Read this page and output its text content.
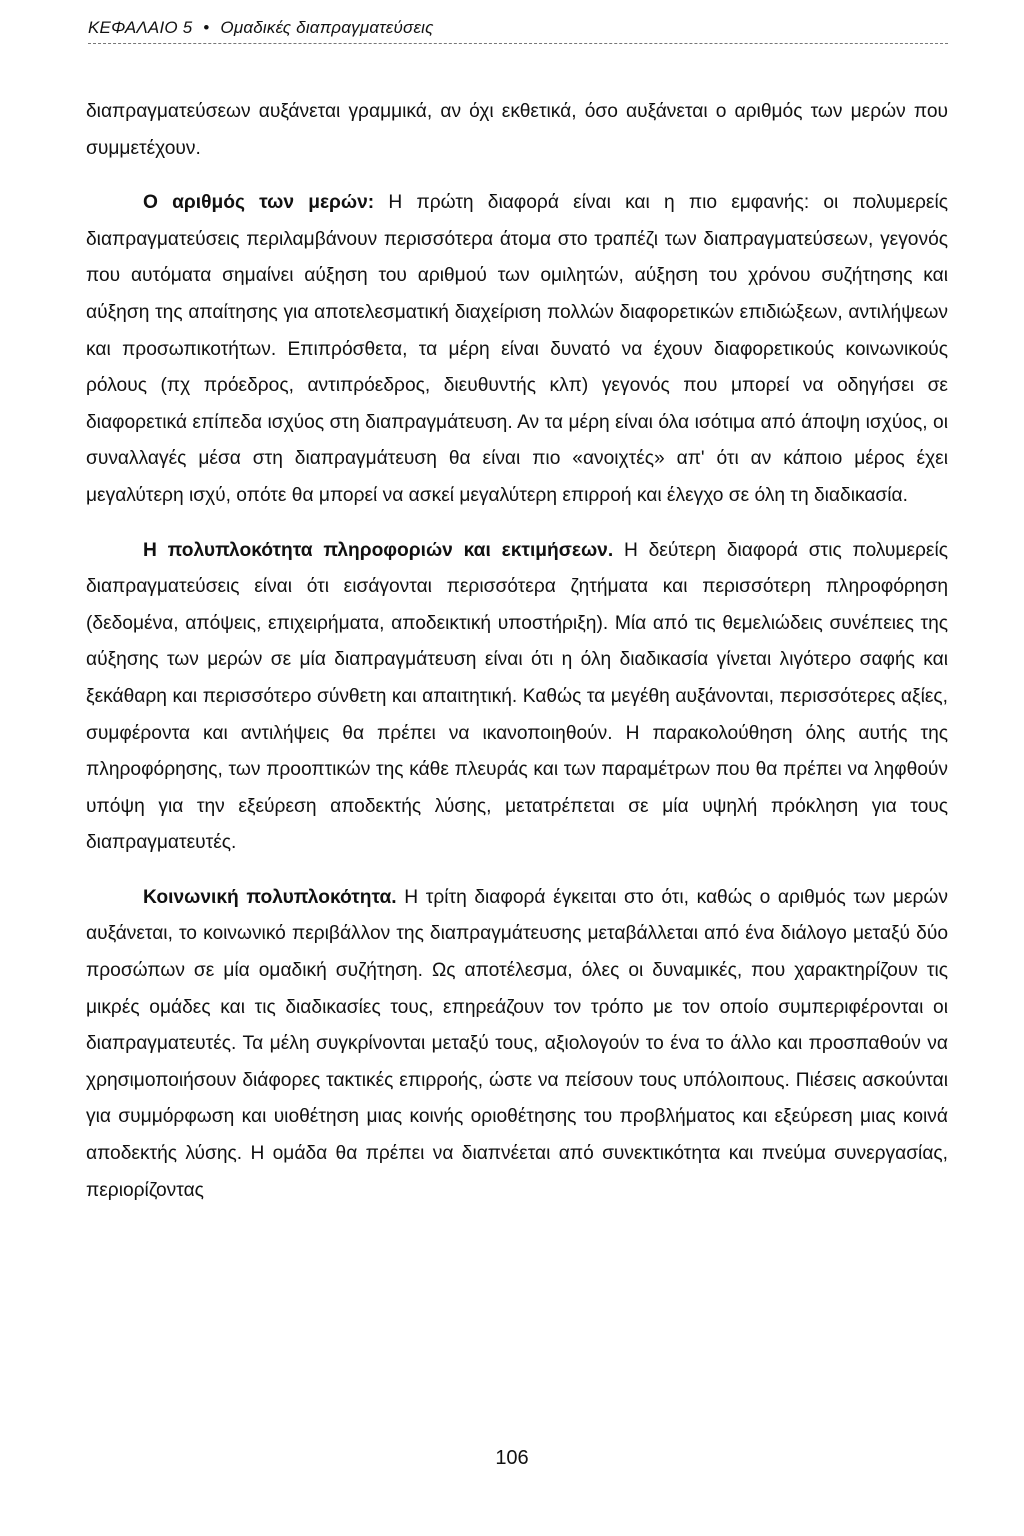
ΚΕΦΑΛΑΙΟ 5 • Ομαδικές διαπραγματεύσεις

διαπραγματεύσεων αυξάνεται γραμμικά, αν όχι εκθετικά, όσο αυξάνεται ο αριθμός των μερών που συμμετέχουν.

Ο αριθμός των μερών: Η πρώτη διαφορά είναι και η πιο εμφανής: οι πολυμερείς διαπραγματεύσεις περιλαμβάνουν περισσότερα άτομα στο τραπέζι των διαπραγματεύσεων, γεγονός που αυτόματα σημαίνει αύξηση του αριθμού των ομιλητών, αύξηση του χρόνου συζήτησης και αύξηση της απαίτησης για αποτελεσματική διαχείριση πολλών διαφορετικών επιδιώξεων, αντιλήψεων και προσωπικοτήτων. Επιπρόσθετα, τα μέρη είναι δυνατό να έχουν διαφορετικούς κοινωνικούς ρόλους (πχ πρόεδρος, αντιπρόεδρος, διευθυντής κλπ) γεγονός που μπορεί να οδηγήσει σε διαφορετικά επίπεδα ισχύος στη διαπραγμάτευση. Αν τα μέρη είναι όλα ισότιμα από άποψη ισχύος, οι συναλλαγές μέσα στη διαπραγμάτευση θα είναι πιο «ανοιχτές» απ' ότι αν κάποιο μέρος έχει μεγαλύτερη ισχύ, οπότε θα μπορεί να ασκεί μεγαλύτερη επιρροή και έλεγχο σε όλη τη διαδικασία.

Η πολυπλοκότητα πληροφοριών και εκτιμήσεων. Η δεύτερη διαφορά στις πολυμερείς διαπραγματεύσεις είναι ότι εισάγονται περισσότερα ζητήματα και περισσότερη πληροφόρηση (δεδομένα, απόψεις, επιχειρήματα, αποδεικτική υποστήριξη). Μία από τις θεμελιώδεις συνέπειες της αύξησης των μερών σε μία διαπραγμάτευση είναι ότι η όλη διαδικασία γίνεται λιγότερο σαφής και ξεκάθαρη και περισσότερο σύνθετη και απαιτητική. Καθώς τα μεγέθη αυξάνονται, περισσότερες αξίες, συμφέροντα και αντιλήψεις θα πρέπει να ικανοποιηθούν. Η παρακολούθηση όλης αυτής της πληροφόρησης, των προοπτικών της κάθε πλευράς και των παραμέτρων που θα πρέπει να ληφθούν υπόψη για την εξεύρεση αποδεκτής λύσης, μετατρέπεται σε μία υψηλή πρόκληση για τους διαπραγματευτές.

Κοινωνική πολυπλοκότητα. Η τρίτη διαφορά έγκειται στο ότι, καθώς ο αριθμός των μερών αυξάνεται, το κοινωνικό περιβάλλον της διαπραγμάτευσης μεταβάλλεται από ένα διάλογο μεταξύ δύο προσώπων σε μία ομαδική συζήτηση. Ως αποτέλεσμα, όλες οι δυναμικές, που χαρακτηρίζουν τις μικρές ομάδες και τις διαδικασίες τους, επηρεάζουν τον τρόπο με τον οποίο συμπεριφέρονται οι διαπραγματευτές. Τα μέλη συγκρίνονται μεταξύ τους, αξιολογούν το ένα το άλλο και προσπαθούν να χρησιμοποιήσουν διάφορες τακτικές επιρροής, ώστε να πείσουν τους υπόλοιπους. Πιέσεις ασκούνται για συμμόρφωση και υιοθέτηση μιας κοινής οριοθέτησης του προβλήματος και εξεύρεση μιας κοινά αποδεκτής λύσης. Η ομάδα θα πρέπει να διαπνέεται από συνεκτικότητα και πνεύμα συνεργασίας, περιορίζοντας

106
